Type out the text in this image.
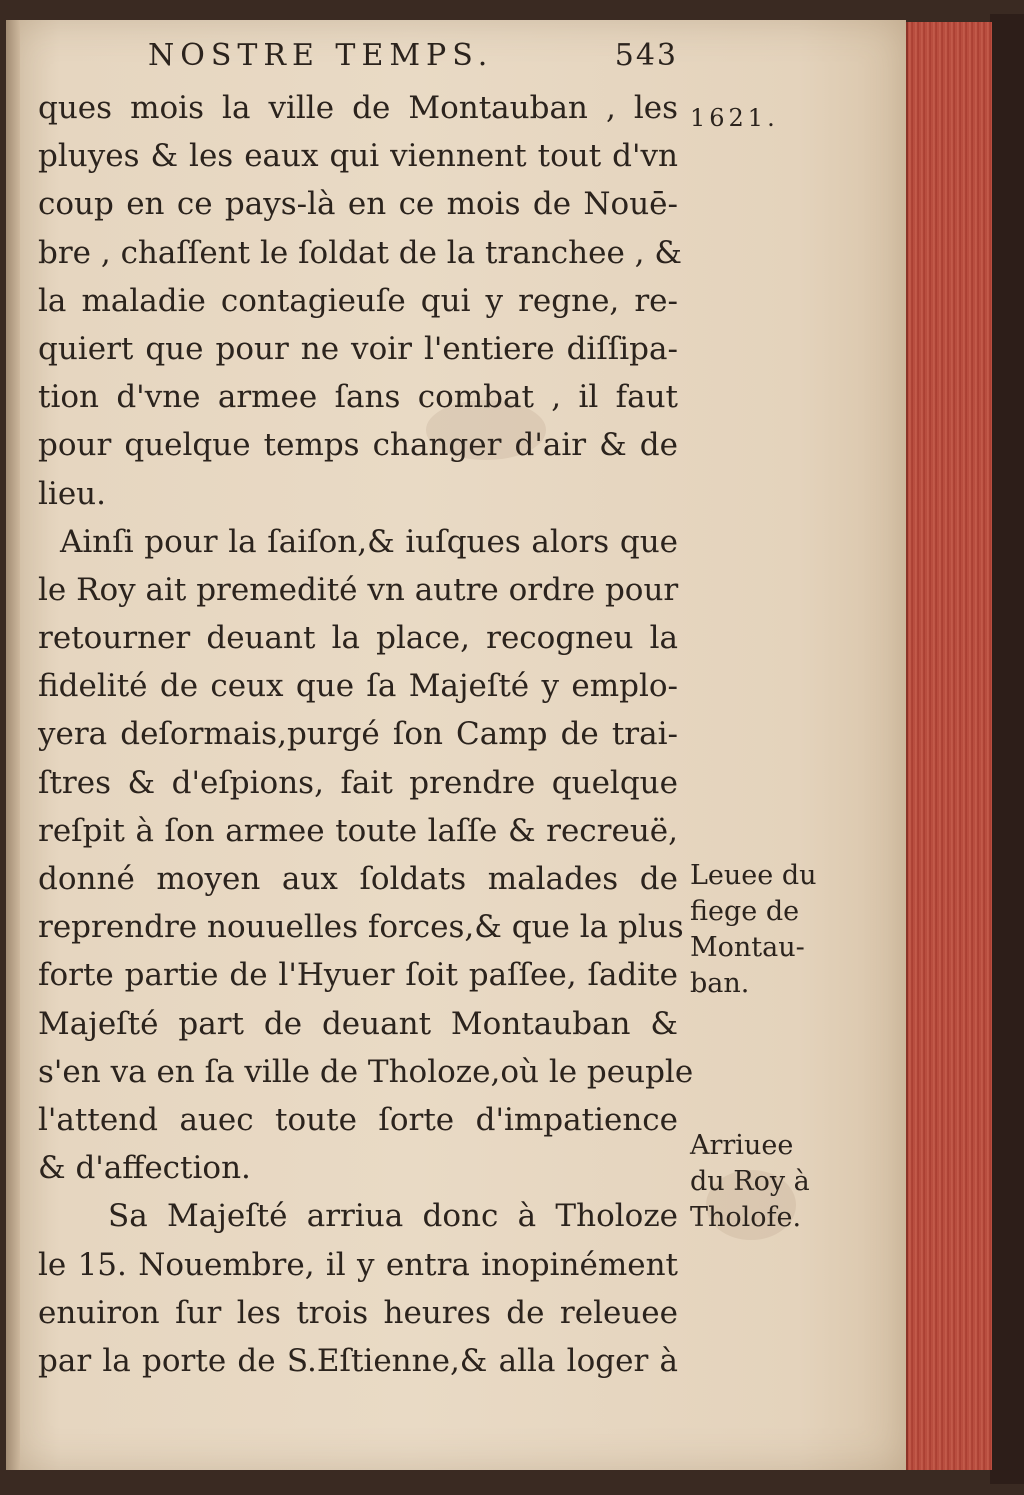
NOSTRE TEMPS.	543
ques mois la ville de Montauban , les
pluyes & les eaux qui viennent tout d'vn
coup en ce pays-là en ce mois de Nouē-
bre , chaſſent le ſoldat de la tranchee , &
la maladie contagieuſe qui y regne, re-
quiert que pour ne voir l'entiere diſſipa-
tion d'vne armee ſans combat , il faut
pour quelque temps changer d'air & de
lieu.
Ainſi pour la ſaiſon,& iuſques alors que
le Roy ait premedité vn autre ordre pour
retourner deuant la place, recogneu la
fidelité de ceux que ſa Majeſté y emplo-
yera deſormais,purgé ſon Camp de trai-
ſtres & d'eſpions, fait prendre quelque
reſpit à ſon armee toute laſſe & recreuë,
donné moyen aux ſoldats malades de
reprendre nouuelles forces,& que la plus
forte partie de l'Hyuer ſoit paſſee, ſadite
Majeſté part de deuant Montauban &
s'en va en ſa ville de Tholoze,où le peuple
l'attend auec toute ſorte d'impatience
& d'affection.
Sa Majeſté arriua donc à Tholoze
le 15. Nouembre, il y entra inopinément
enuiron ſur les trois heures de releuee
par la porte de S.Eſtienne,& alla loger à
1621.
Leuee du
fiege de
Montau-
ban.
Arriuee
du Roy à
Tholofe.
